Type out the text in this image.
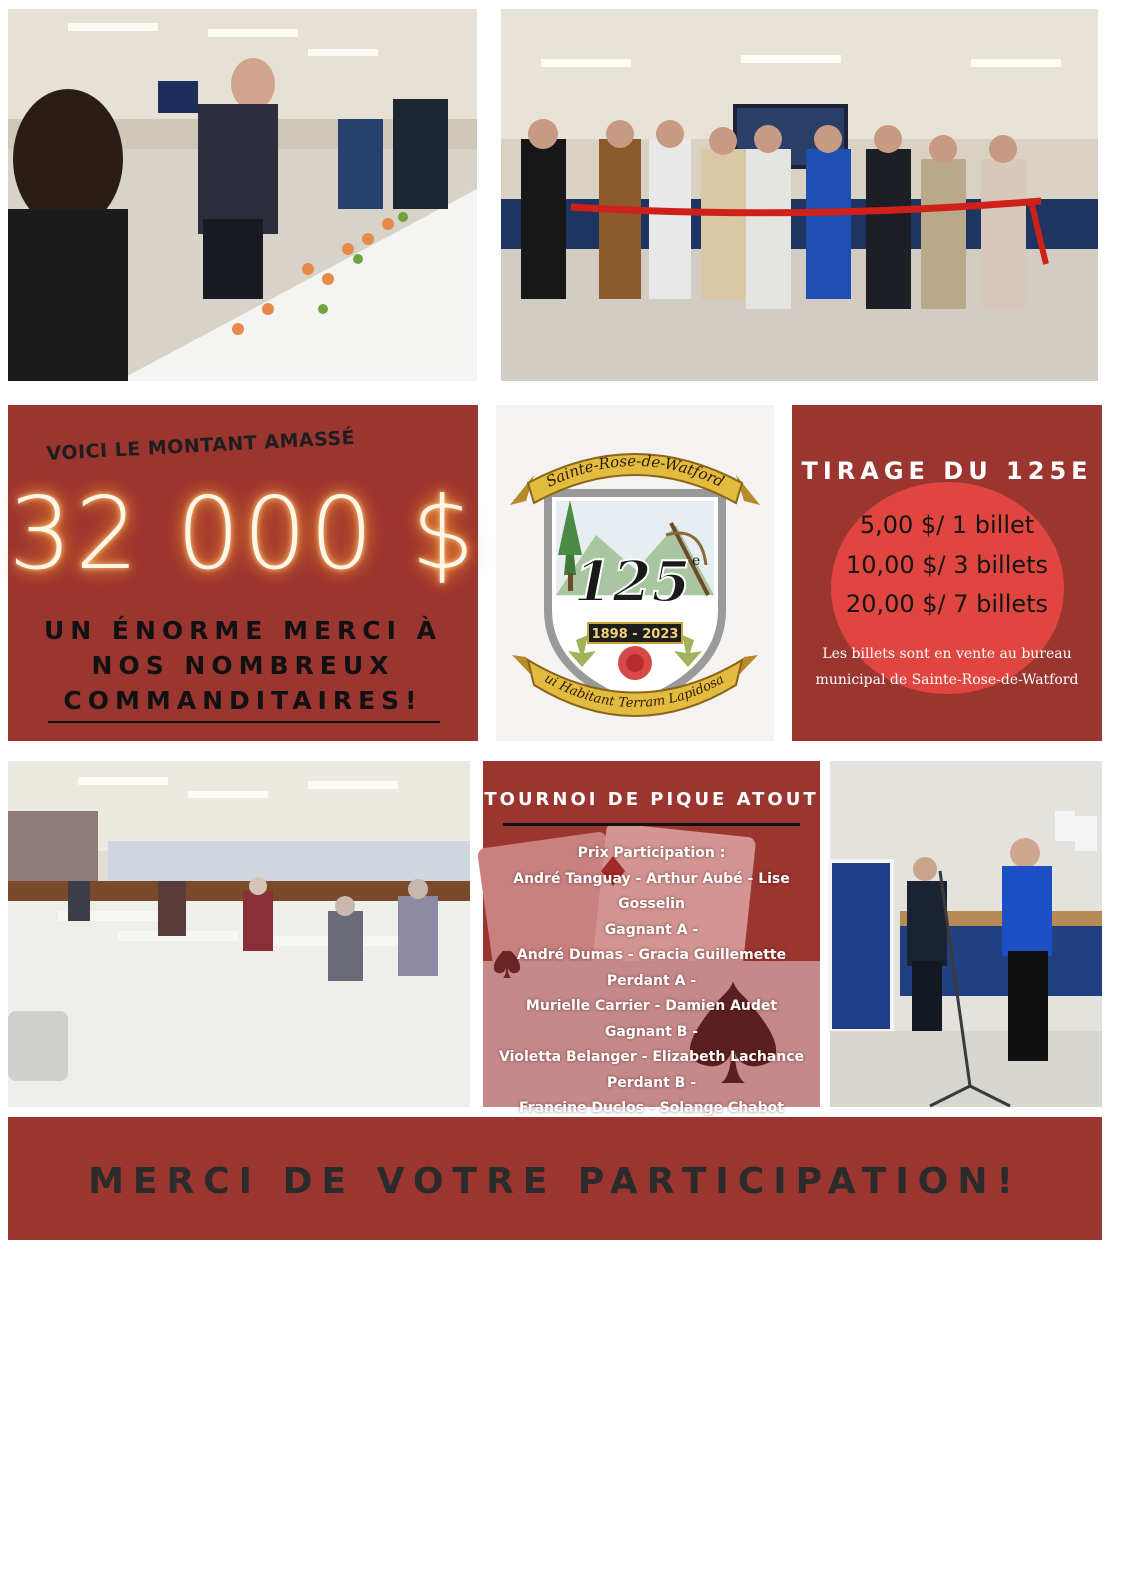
VOICI LE MONTANT AMASSÉ
32 000 $
UN ÉNORME MERCI À
NOS NOMBREUX
COMMANDITAIRES!
1898 - 2023
125 e
Sainte-Rose-de-Watford
ui Habitant Terram Lapidosa
TIRAGE DU 125E
5,00 $/ 1 billet
10,00 $/ 3 billets
20,00 $/ 7 billets
Les billets sont en vente au bureau municipal de Sainte-Rose-de-Watford
TOURNOI DE PIQUE ATOUT
Prix Participation :
André Tanguay - Arthur Aubé - Lise Gosselin
Gagnant A -
André Dumas - Gracia Guillemette
Perdant A -
Murielle Carrier - Damien Audet
Gagnant B -
Violetta Belanger - Elizabeth Lachance
Perdant B -
Francine Duclos - Solange Chabot
MERCI DE VOTRE PARTICIPATION!
